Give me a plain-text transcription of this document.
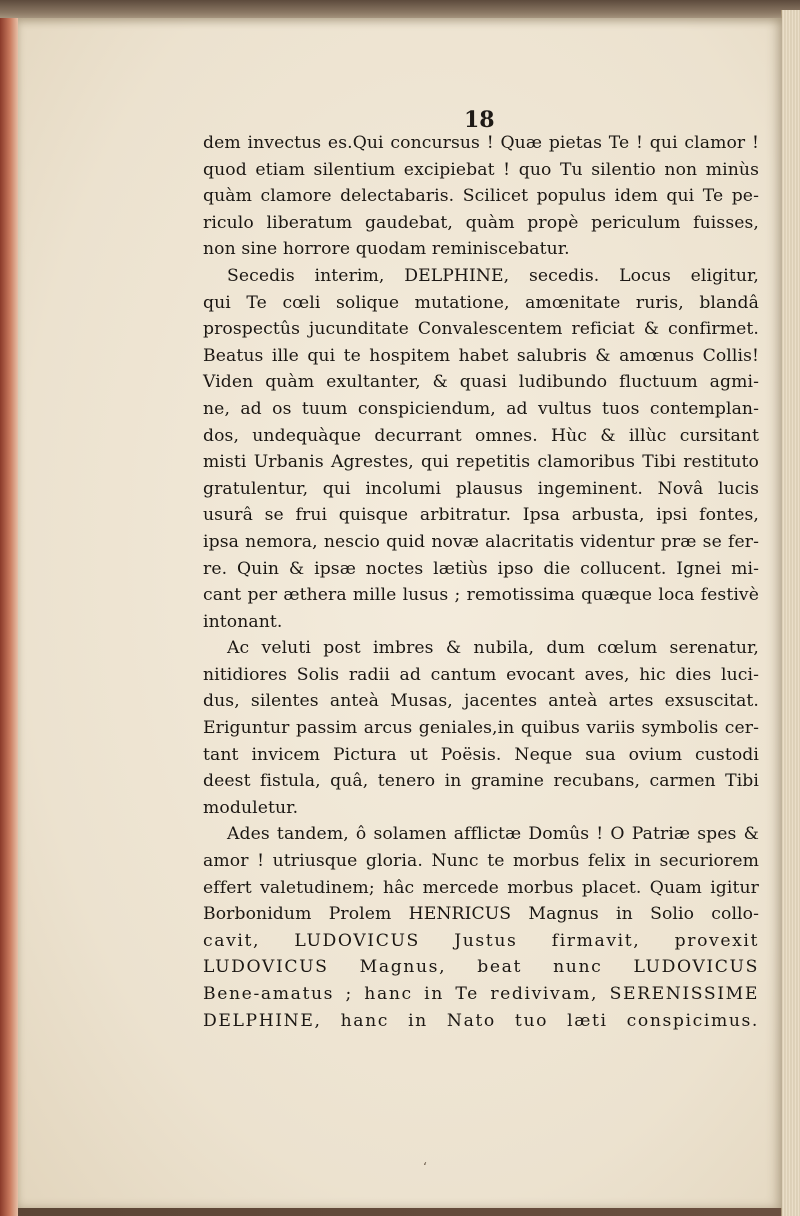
18
dem invectus es.Qui concursus ! Quæ pietas Te ! qui clamor !
quod etiam silentium excipiebat ! quo Tu silentio non minùs
quàm clamore delectabaris. Scilicet populus idem qui Te pe-
riculo liberatum gaudebat, quàm propè periculum fuisses,
non sine horrore quodam reminiscebatur.
Secedis interim, DELPHINE, secedis. Locus eligitur,
qui Te cœli solique mutatione, amœnitate ruris, blandâ
prospectûs jucunditate Convalescentem reficiat & confirmet.
Beatus ille qui te hospitem habet salubris & amœnus Collis!
Viden quàm exultanter, & quasi ludibundo fluctuum agmi-
ne, ad os tuum conspiciendum, ad vultus tuos contemplan-
dos, undequàque decurrant omnes. Hùc & illùc cursitant
misti Urbanis Agrestes, qui repetitis clamoribus Tibi restituto
gratulentur, qui incolumi plausus ingeminent. Novâ lucis
usurâ se frui quisque arbitratur. Ipsa arbusta, ipsi fontes,
ipsa nemora, nescio quid novæ alacritatis videntur præ se fer-
re. Quin & ipsæ noctes lætiùs ipso die collucent. Ignei mi-
cant per æthera mille lusus ; remotissima quæque loca festivè
intonant.
Ac veluti post imbres & nubila, dum cœlum serenatur,
nitidiores Solis radii ad cantum evocant aves, hic dies luci-
dus, silentes anteà Musas, jacentes anteà artes exsuscitat.
Eriguntur passim arcus geniales,in quibus variis symbolis cer-
tant invicem Pictura ut Poësis. Neque sua ovium custodi
deest fistula, quâ, tenero in gramine recubans, carmen Tibi
moduletur.
Ades tandem, ô solamen afflictæ Domûs ! O Patriæ spes &
amor ! utriusque gloria. Nunc te morbus felix in securiorem
effert valetudinem; hâc mercede morbus placet. Quam igitur
Borbonidum Prolem HENRICUS Magnus in Solio collo-
cavit, LUDOVICUS Justus firmavit, provexit
LUDOVICUS Magnus, beat nunc LUDOVICUS
Bene-amatus ; hanc in Te redivivam, SERENISSIME
DELPHINE, hanc in Nato tuo læti conspicimus.
ʻ
